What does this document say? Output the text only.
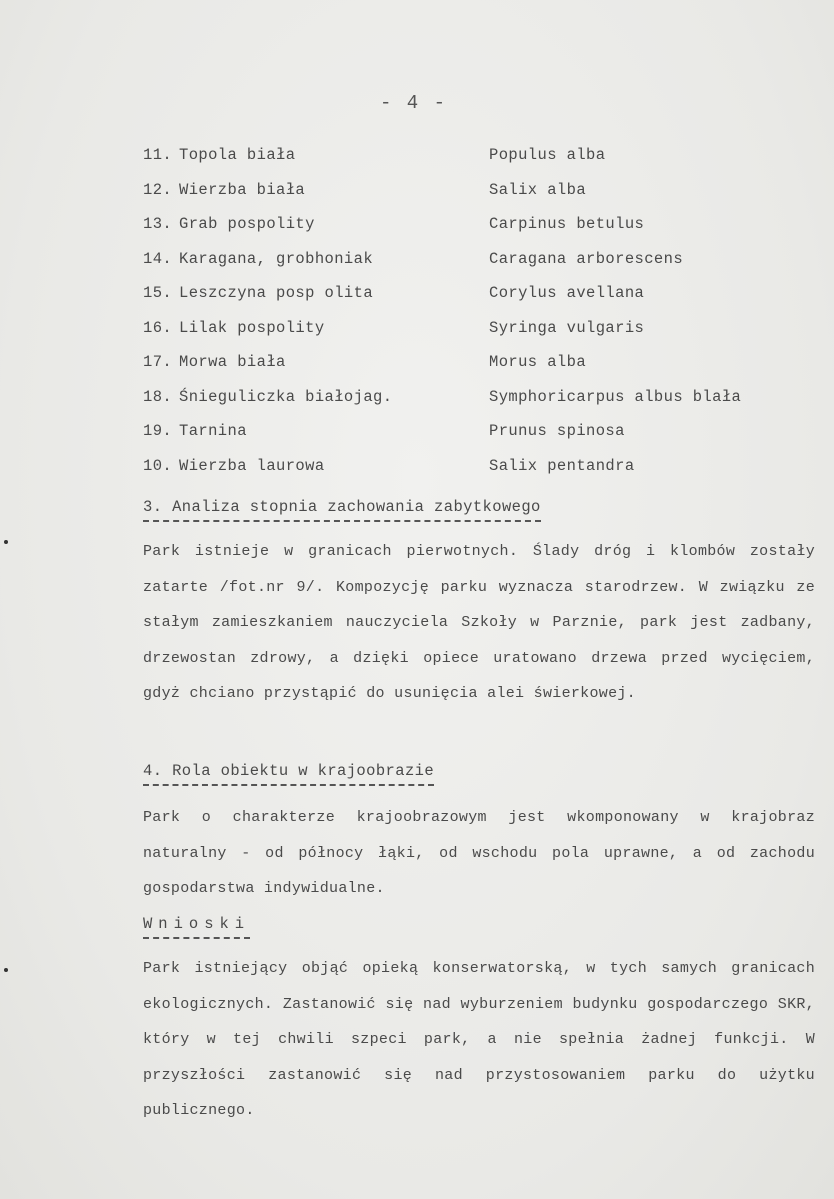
- 4 -
11. Topola biała	Populus alba
12. Wierzba biała	Salix alba
13. Grab pospolity	Carpinus betulus
14. Karagana, grobhoniak	Caragana arborescens
15. Leszczyna posp olita	Corylus avellana
16. Lilak pospolity	Syringa vulgaris
17. Morwa biała	Morus alba
18. Śnieguliczka białojag.	Symphoricarpus albus blała
19. Tarnina	Prunus spinosa
10. Wierzba laurowa	Salix pentandra
3. Analiza stopnia zachowania zabytkowego
Park istnieje w granicach pierwotnych. Ślady dróg i klombów zostały zatarte /fot.nr 9/. Kompozycję parku wyznacza starodrzew. W związku ze stałym zamieszkaniem nauczyciela Szkoły w Parznie, park jest zadbany, drzewostan zdrowy, a dzięki opiece uratowano drzewa przed wycięciem, gdyż chciano przystąpić do usunięcia alei świerkowej.
4. Rola obiektu w krajoobrazie
Park o charakterze krajoobrazowym jest wkomponowany w krajobraz naturalny - od północy łąki, od wschodu pola uprawne, a od zachodu gospodarstwa indywidualne.
Wnioski
Park istniejący objąć opieką konserwatorską, w tych samych granicach ekologicznych. Zastanowić się nad wyburzeniem budynku gospodarczego SKR, który w tej chwili szpeci park, a nie spełnia żadnej funkcji. W przyszłości zastanowić się nad przystosowaniem parku do użytku publicznego.
